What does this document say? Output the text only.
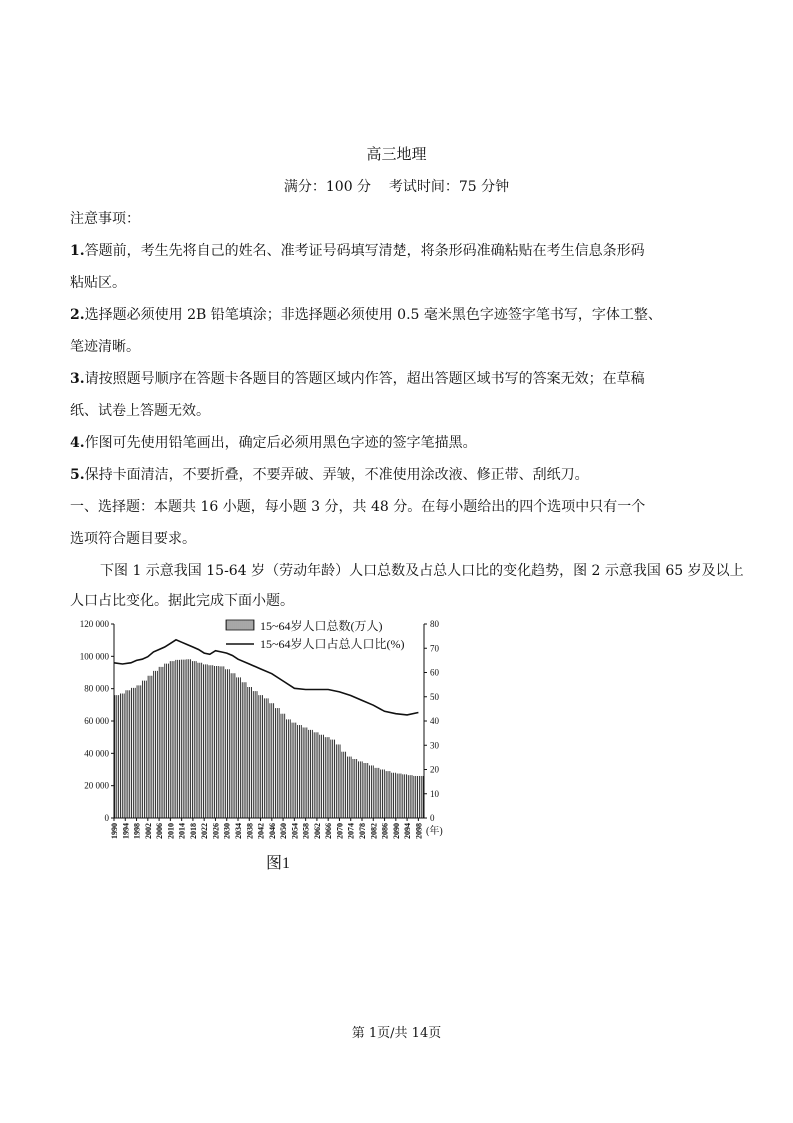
高三地理
满分：100 分    考试时间：75 分钟
注意事项：
1.答题前，考生先将自己的姓名、准考证号码填写清楚，将条形码准确粘贴在考生信息条形码
粘贴区。
2.选择题必须使用 2B 铅笔填涂；非选择题必须使用 0.5 毫米黑色字迹签字笔书写，字体工整、
笔迹清晰。
3.请按照题号顺序在答题卡各题目的答题区域内作答，超出答题区域书写的答案无效；在草稿
纸、试卷上答题无效。
4.作图可先使用铅笔画出，确定后必须用黑色字迹的签字笔描黑。
5.保持卡面清洁，不要折叠，不要弄破、弄皱，不准使用涂改液、修正带、刮纸刀。
一、选择题：本题共 16 小题，每小题 3 分，共 48 分。在每小题给出的四个选项中只有一个
选项符合题目要求。
下图 1 示意我国 15-64 岁（劳动年龄）人口总数及占总人口比的变化趋势，图 2 示意我国 65 岁及以上
人口占比变化。据此完成下面小题。
0
20 000
40 000
60 000
80 000
100 000
120 000
0
10
20
30
40
50
60
70
80
1990 1994 1998 2002 2006 2010 2014 2018 2022 2026 2030 2034 2038 2042 2046 2050 2054 2058 2062 2066 2070 2074 2078 2082 2086 2090 2094 2098 (年)
15~64岁人口总数(万人)
15~64岁人口占总人口比(%)
图1
第 1页/共 14页
